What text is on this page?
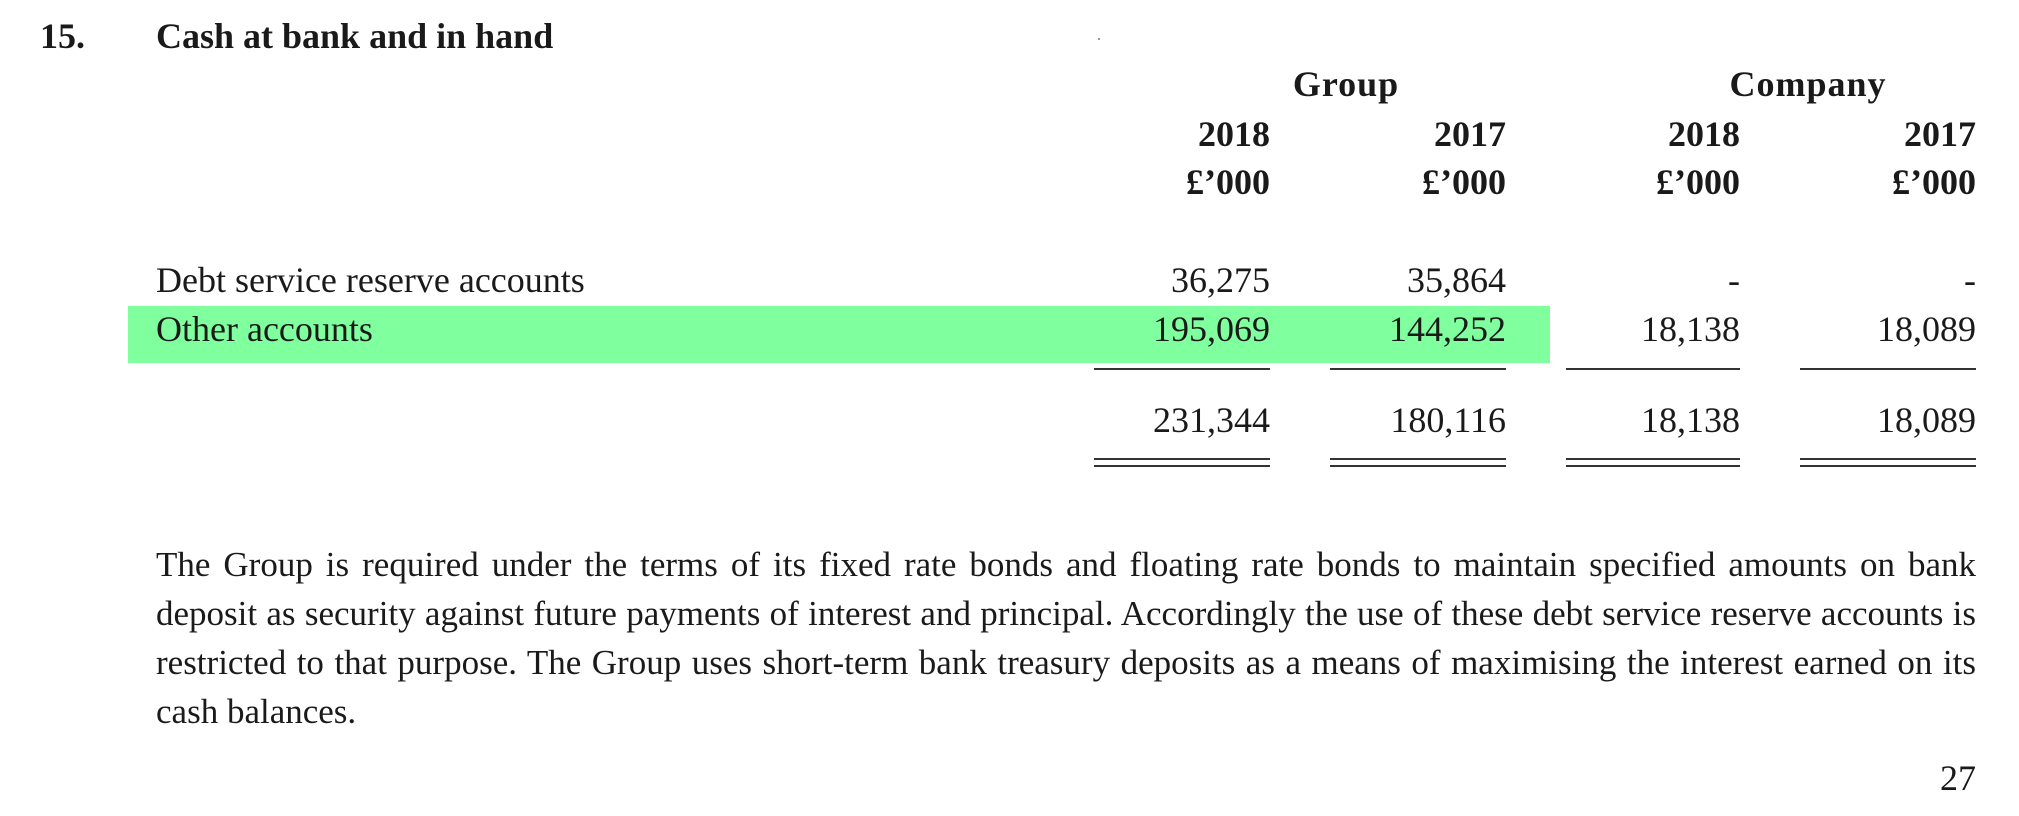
15. Cash at bank and in hand
Group	Company
2018	2017	2018	2017
£’000	£’000	£’000	£’000
Debt service reserve accounts	36,275	35,864	-	-
Other accounts	195,069	144,252	18,138	18,089
231,344	180,116	18,138	18,089
The Group is required under the terms of its fixed rate bonds and floating rate bonds to maintain specified amounts on bank deposit as security against future payments of interest and principal. Accordingly the use of these debt service reserve accounts is restricted to that purpose. The Group uses short-term bank treasury deposits as a means of maximising the interest earned on its cash balances.
27
